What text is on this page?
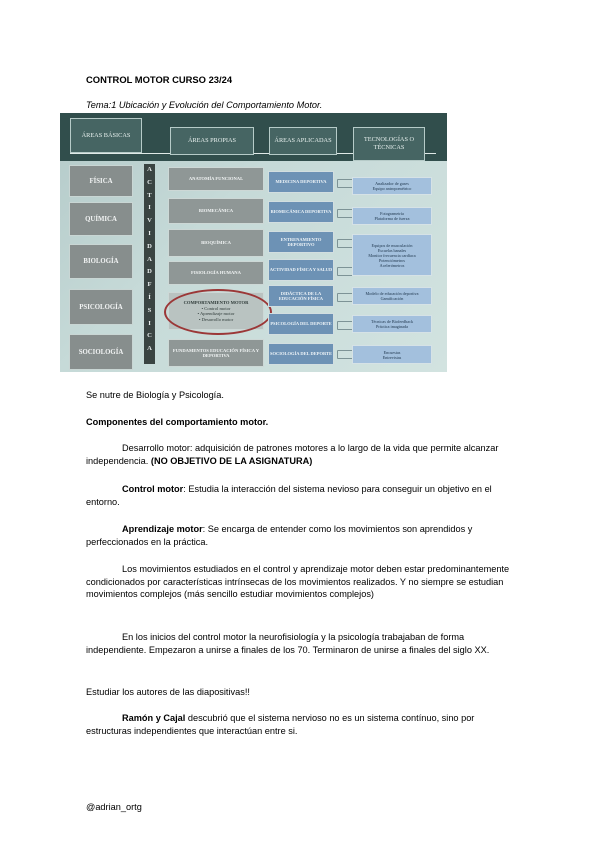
CONTROL MOTOR CURSO 23/24
Tema:1 Ubicación y Evolución del Comportamiento Motor.
ÁREAS BÁSICAS
ÁREAS PROPIAS	ÁREAS APLICADAS	TECNOLOGÍAS O TÉCNICAS
FÍSICA
QUÍMICA
BIOLOGÍA
PSICOLOGÍA
SOCIOLOGÍA
A
C
T
I
V
I
D
A
D
F
Í
S
I
C
A
ANATOMÍA FUNCIONAL
BIOMECÁNICA
BIOQUÍMICA
FISIOLOGÍA HUMANA
COMPORTAMIENTO MOTOR
• Control motor
• Aprendizaje motor
• Desarrollo motor
FUNDAMENTOS EDUCACIÓN FÍSICA Y DEPORTIVA
MEDICINA DEPORTIVA
BIOMECÁNICA DEPORTIVA
ENTRENAMIENTO DEPORTIVO
ACTIVIDAD FÍSICA Y SALUD
DIDÁCTICA DE LA EDUCACIÓN FÍSICA
PSICOLOGÍA DEL DEPORTE
SOCIOLOGÍA DEL DEPORTE
Analizador de gases
Equipo antropométrico
Fotogrametría
Plataforma de fuerza
Equipos de musculación
Escuelas banales
Monitor frecuencia cardíaca
Potenciómetros
Acelerómetros
Modelo de educación deportiva
Gamificación
Técnicas de Biofeedback
Práctica imaginada
Encuestas
Entrevistas
Se nutre de Biología y Psicología.
Componentes del comportamiento motor.
Desarrollo motor: adquisición de patrones motores a lo largo de la vida que permite alcanzar independencia. (NO OBJETIVO DE LA ASIGNATURA)
Control motor: Estudia la interacción del sistema nevioso para conseguir un objetivo en el entorno.
Aprendizaje motor: Se encarga de entender como los movimientos son aprendidos y perfeccionados en la práctica.
Los movimientos estudiados en el control y aprendizaje motor deben estar predominantemente condicionados por características intrínsecas de los movimientos realizados. Y no siempre se estudian movimientos complejos (más sencillo estudiar movimientos complejos)
En los inicios del control motor la neurofisiología y la psicología trabajaban de forma independiente. Empezaron a unirse a finales de los 70. Terminaron de unirse a finales del siglo XX.
Estudiar los autores de las diapositivas!!
Ramón y Cajal descubrió que el sistema nervioso no es un sistema contínuo, sino por estructuras independientes que interactúan entre si.
@adrian_ortg
